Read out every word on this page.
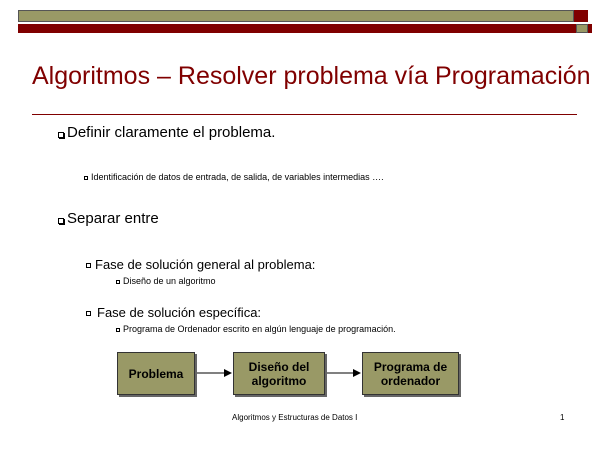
Algoritmos – Resolver problema vía Programación
Definir claramente el problema.
Identificación de datos de entrada, de salida, de variables intermedias ….
Separar entre
Fase de solución general al problema:
Diseño de un algoritmo
Fase de solución específica:
Programa de Ordenador escrito en algún lenguaje de programación.
Problema	Diseño del
algoritmo
Programa de
ordenador
Algoritmos y Estructuras de Datos I	1
